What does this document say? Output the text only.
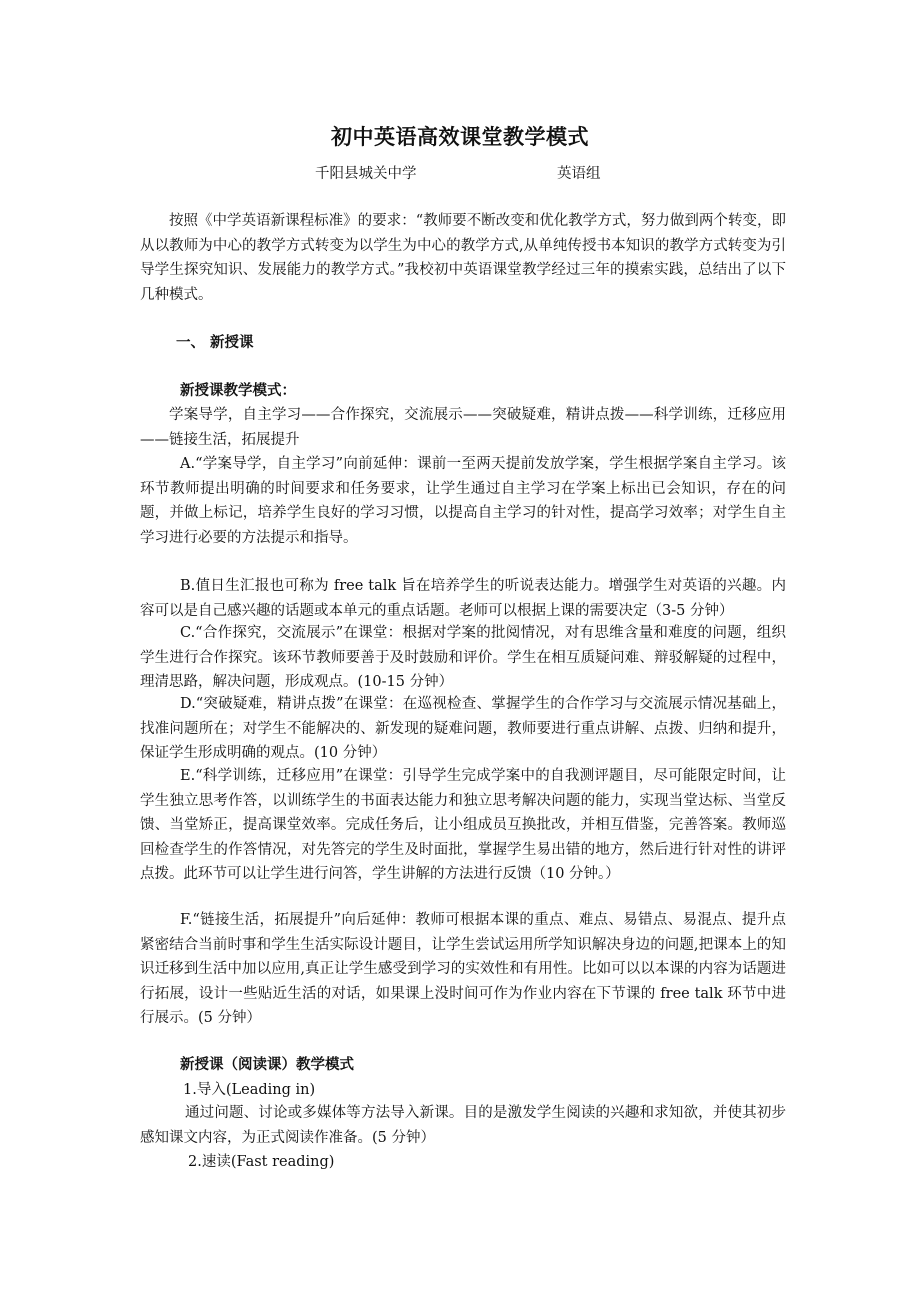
初中英语高效课堂教学模式
千阳县城关中学	英语组

按照《中学英语新课程标准》的要求：“教师要不断改变和优化教学方式，努力做到两个转变，即从以教师为中心的教学方式转变为以学生为中心的教学方式,从单纯传授书本知识的教学方式转变为引导学生探究知识、发展能力的教学方式。”我校初中英语课堂教学经过三年的摸索实践，总结出了以下几种模式。

一、 新授课
新授课教学模式：

学案导学，自主学习——合作探究，交流展示——突破疑难，精讲点拨——科学训练，迁移应用——链接生活，拓展提升

A.“学案导学，自主学习”向前延伸：课前一至两天提前发放学案，学生根据学案自主学习。该环节教师提出明确的时间要求和任务要求，让学生通过自主学习在学案上标出已会知识，存在的问题，并做上标记，培养学生良好的学习习惯，以提高自主学习的针对性，提高学习效率；对学生自主学习进行必要的方法提示和指导。

B.值日生汇报也可称为 free talk 旨在培养学生的听说表达能力。增强学生对英语的兴趣。内容可以是自己感兴趣的话题或本单元的重点话题。老师可以根据上课的需要决定（3-5 分钟）

C.“合作探究，交流展示”在课堂：根据对学案的批阅情况，对有思维含量和难度的问题，组织学生进行合作探究。该环节教师要善于及时鼓励和评价。学生在相互质疑问难、辩驳解疑的过程中，理清思路，解决问题，形成观点。(10-15 分钟）

D.“突破疑难，精讲点拨”在课堂：在巡视检查、掌握学生的合作学习与交流展示情况基础上，找准问题所在；对学生不能解决的、新发现的疑难问题，教师要进行重点讲解、点拨、归纳和提升，保证学生形成明确的观点。(10 分钟）

E.“科学训练，迁移应用”在课堂：引导学生完成学案中的自我测评题目，尽可能限定时间，让学生独立思考作答，以训练学生的书面表达能力和独立思考解决问题的能力，实现当堂达标、当堂反馈、当堂矫正，提高课堂效率。完成任务后，让小组成员互换批改，并相互借鉴，完善答案。教师巡回检查学生的作答情况，对先答完的学生及时面批，掌握学生易出错的地方，然后进行针对性的讲评点拨。此环节可以让学生进行问答，学生讲解的方法进行反馈（10 分钟。）

F.“链接生活，拓展提升”向后延伸：教师可根据本课的重点、难点、易错点、易混点、提升点紧密结合当前时事和学生生活实际设计题目，让学生尝试运用所学知识解决身边的问题,把课本上的知识迁移到生活中加以应用,真正让学生感受到学习的实效性和有用性。比如可以以本课的内容为话题进行拓展，设计一些贴近生活的对话，如果课上没时间可作为作业内容在下节课的 free talk 环节中进行展示。(5 分钟）

新授课（阅读课）教学模式
1.导入(Leading in)

通过问题、讨论或多媒体等方法导入新课。目的是激发学生阅读的兴趣和求知欲，并使其初步感知课文内容，为正式阅读作准备。(5 分钟）

2.速读(Fast reading)
